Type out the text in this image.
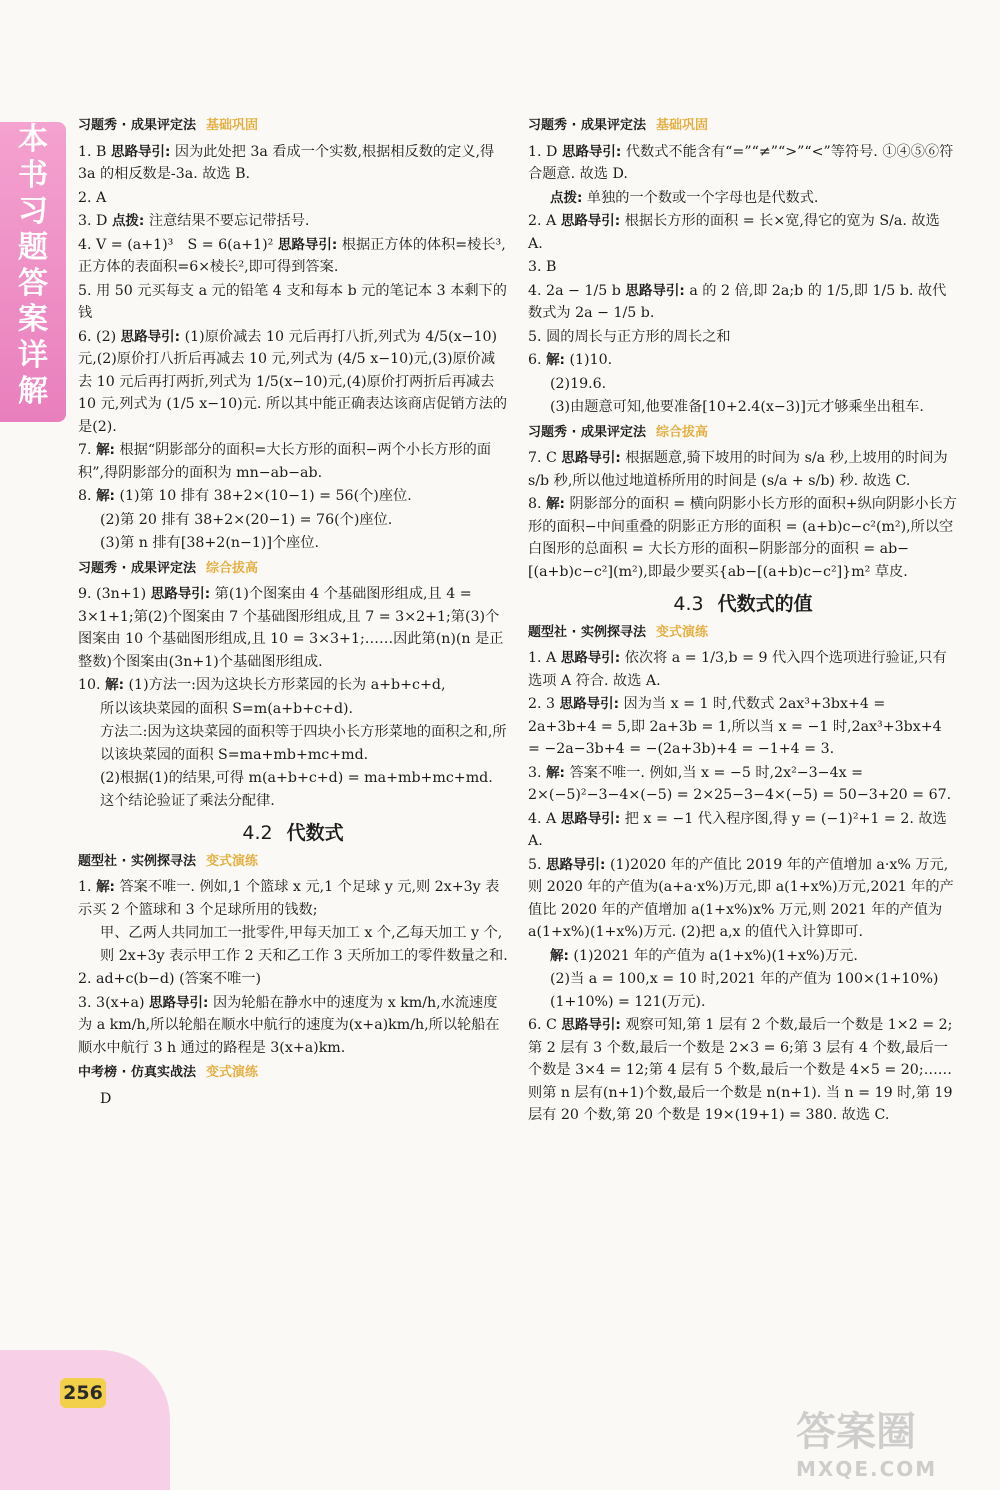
本
书
习
题
答
案
详
解
习题秀 · 成果评定法 基础巩固
1. B 思路导引: 因为此处把 3a 看成一个实数,根据相反数的定义,得 3a 的相反数是-3a. 故选 B.
2. A
3. D 点拨: 注意结果不要忘记带括号.
4. V = (a+1)³　S = 6(a+1)² 思路导引: 根据正方体的体积=棱长³,正方体的表面积=6×棱长²,即可得到答案.
5. 用 50 元买每支 a 元的铅笔 4 支和每本 b 元的笔记本 3 本剩下的钱
6. (2) 思路导引: (1)原价减去 10 元后再打八折,列式为 4/5(x−10)元,(2)原价打八折后再减去 10 元,列式为 (4/5 x−10)元,(3)原价减去 10 元后再打两折,列式为 1/5(x−10)元,(4)原价打两折后再减去 10 元,列式为 (1/5 x−10)元. 所以其中能正确表达该商店促销方法的是(2).
7. 解: 根据“阴影部分的面积=大长方形的面积−两个小长方形的面积”,得阴影部分的面积为 mn−ab−ab.
8. 解: (1)第 10 排有 38+2×(10−1) = 56(个)座位.
(2)第 20 排有 38+2×(20−1) = 76(个)座位.
(3)第 n 排有[38+2(n−1)]个座位.
习题秀 · 成果评定法 综合拔高
9. (3n+1) 思路导引: 第(1)个图案由 4 个基础图形组成,且 4 = 3×1+1;第(2)个图案由 7 个基础图形组成,且 7 = 3×2+1;第(3)个图案由 10 个基础图形组成,且 10 = 3×3+1;……因此第(n)(n 是正整数)个图案由(3n+1)个基础图形组成.
10. 解: (1)方法一:因为这块长方形菜园的长为 a+b+c+d,
所以该块菜园的面积 S=m(a+b+c+d).
方法二:因为这块菜园的面积等于四块小长方形菜地的面积之和,所以该块菜园的面积 S=ma+mb+mc+md.
(2)根据(1)的结果,可得 m(a+b+c+d) = ma+mb+mc+md. 这个结论验证了乘法分配律.
4.2 代数式
题型社 · 实例探寻法 变式演练
1. 解: 答案不唯一. 例如,1 个篮球 x 元,1 个足球 y 元,则 2x+3y 表示买 2 个篮球和 3 个足球所用的钱数;
甲、乙两人共同加工一批零件,甲每天加工 x 个,乙每天加工 y 个,则 2x+3y 表示甲工作 2 天和乙工作 3 天所加工的零件数量之和.
2. ad+c(b−d) (答案不唯一)
3. 3(x+a) 思路导引: 因为轮船在静水中的速度为 x km/h,水流速度为 a km/h,所以轮船在顺水中航行的速度为(x+a)km/h,所以轮船在顺水中航行 3 h 通过的路程是 3(x+a)km.
中考榜 · 仿真实战法 变式演练
D
习题秀 · 成果评定法 基础巩固
1. D 思路导引: 代数式不能含有“=”“≠”“>”“<”等符号. ①④⑤⑥符合题意. 故选 D.
点拨: 单独的一个数或一个字母也是代数式.
2. A 思路导引: 根据长方形的面积 = 长×宽,得它的宽为 S/a. 故选 A.
3. B
4. 2a − 1/5 b 思路导引: a 的 2 倍,即 2a;b 的 1/5,即 1/5 b. 故代数式为 2a − 1/5 b.
5. 圆的周长与正方形的周长之和
6. 解: (1)10.
(2)19.6.
(3)由题意可知,他要准备[10+2.4(x−3)]元才够乘坐出租车.
习题秀 · 成果评定法 综合拔高
7. C 思路导引: 根据题意,骑下坡用的时间为 s/a 秒,上坡用的时间为 s/b 秒,所以他过地道桥所用的时间是 (s/a + s/b) 秒. 故选 C.
8. 解: 阴影部分的面积 = 横向阴影小长方形的面积+纵向阴影小长方形的面积−中间重叠的阴影正方形的面积 = (a+b)c−c²(m²),所以空白图形的总面积 = 大长方形的面积−阴影部分的面积 = ab−[(a+b)c−c²](m²),即最少要买{ab−[(a+b)c−c²]}m² 草皮.
4.3 代数式的值
题型社 · 实例探寻法 变式演练
1. A 思路导引: 依次将 a = 1/3,b = 9 代入四个选项进行验证,只有选项 A 符合. 故选 A.
2. 3 思路导引: 因为当 x = 1 时,代数式 2ax³+3bx+4 = 2a+3b+4 = 5,即 2a+3b = 1,所以当 x = −1 时,2ax³+3bx+4 = −2a−3b+4 = −(2a+3b)+4 = −1+4 = 3.
3. 解: 答案不唯一. 例如,当 x = −5 时,2x²−3−4x = 2×(−5)²−3−4×(−5) = 2×25−3−4×(−5) = 50−3+20 = 67.
4. A 思路导引: 把 x = −1 代入程序图,得 y = (−1)²+1 = 2. 故选 A.
5. 思路导引: (1)2020 年的产值比 2019 年的产值增加 a·x% 万元,则 2020 年的产值为(a+a·x%)万元,即 a(1+x%)万元,2021 年的产值比 2020 年的产值增加 a(1+x%)x% 万元,则 2021 年的产值为 a(1+x%)(1+x%)万元. (2)把 a,x 的值代入计算即可.
解: (1)2021 年的产值为 a(1+x%)(1+x%)万元.
(2)当 a = 100,x = 10 时,2021 年的产值为 100×(1+10%)(1+10%) = 121(万元).
6. C 思路导引: 观察可知,第 1 层有 2 个数,最后一个数是 1×2 = 2;第 2 层有 3 个数,最后一个数是 2×3 = 6;第 3 层有 4 个数,最后一个数是 3×4 = 12;第 4 层有 5 个数,最后一个数是 4×5 = 20;……则第 n 层有(n+1)个数,最后一个数是 n(n+1). 当 n = 19 时,第 19 层有 20 个数,第 20 个数是 19×(19+1) = 380. 故选 C.
256
答案圈
MXQE.COM
